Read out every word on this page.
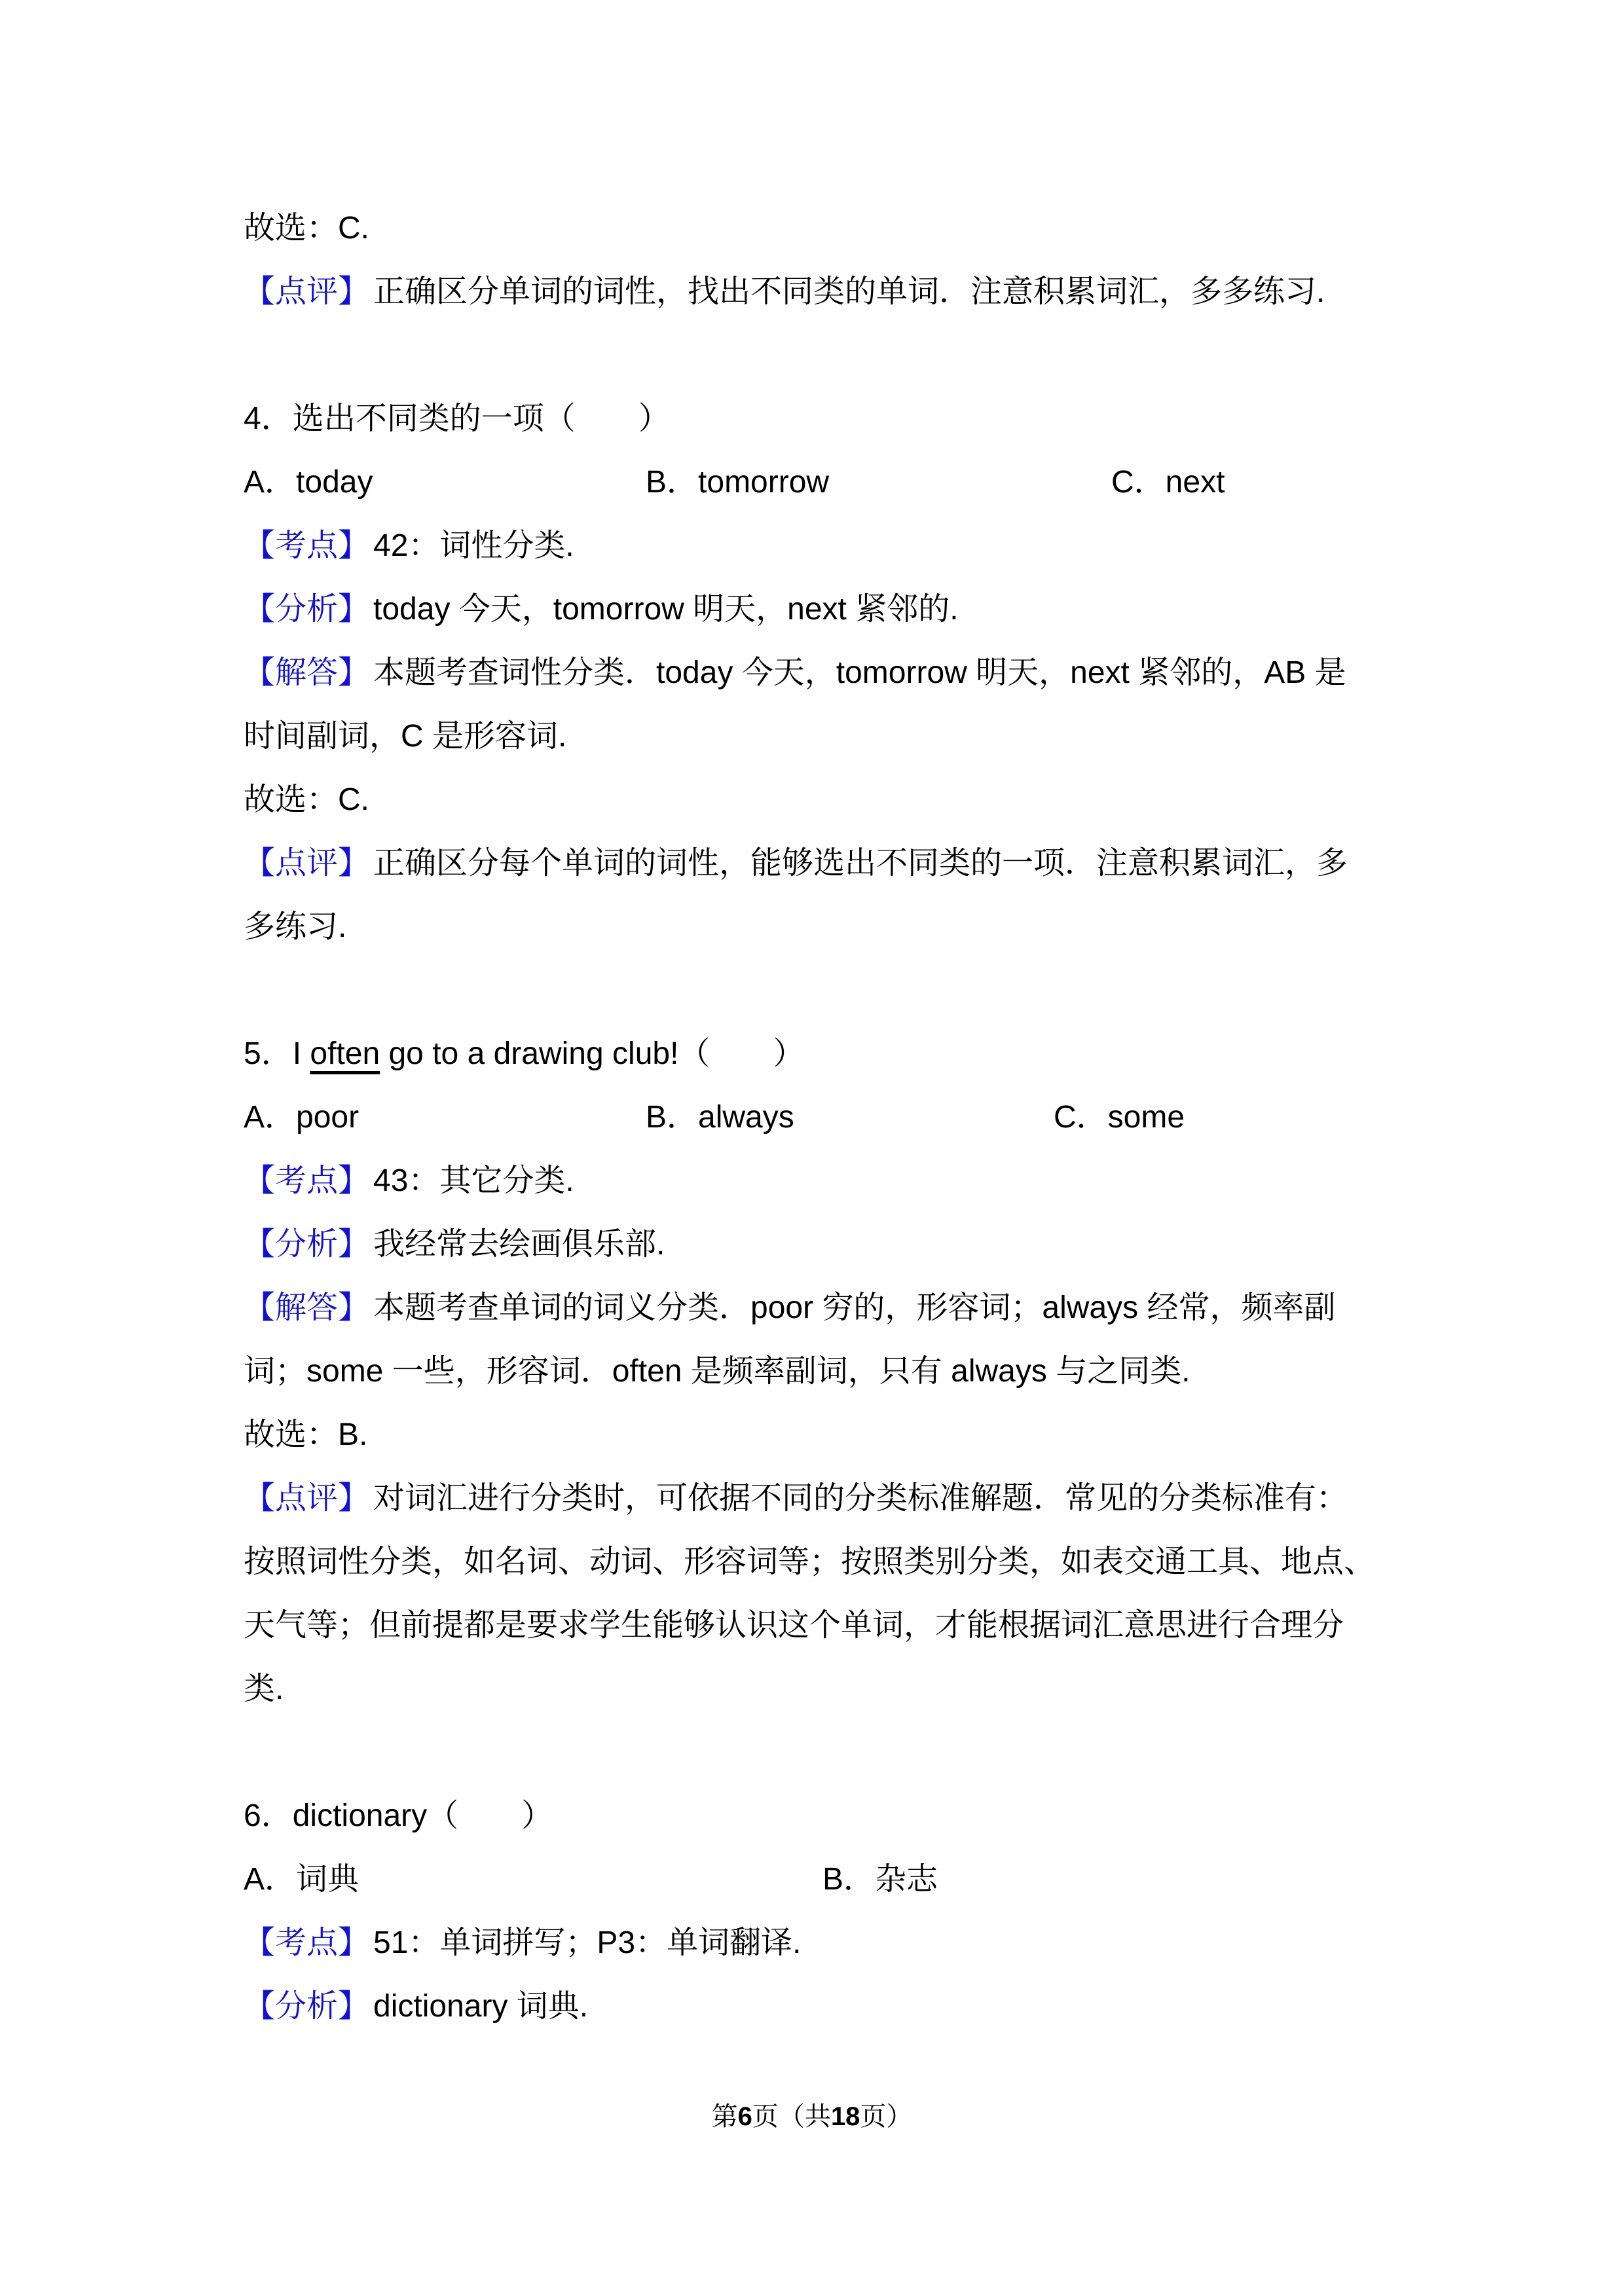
故选：C.
【点评】 正确区分单词的词性，找出不同类的单词．注意积累词汇，多多练习.
4．选出不同类的一项（　　）
A．today	B．tomorrow	C．next
【考点】 42：词性分类.
【分析】 today 今天，tomorrow 明天，next 紧邻的.
【解答】 本题考查词性分类．today 今天，tomorrow 明天，next 紧邻的，AB 是
时间副词，C 是形容词.
故选：C.
【点评】 正确区分每个单词的词性，能够选出不同类的一项．注意积累词汇，多
多练习.
5．I often go to a drawing club!（　　）
A．poor	B．always	C．some
【考点】 43：其它分类.
【分析】 我经常去绘画俱乐部.
【解答】 本题考查单词的词义分类．poor 穷的，形容词；always 经常，频率副
词；some 一些，形容词．often 是频率副词，只有 always 与之同类.
故选：B.
【点评】 对词汇进行分类时，可依据不同的分类标准解题．常见的分类标准有：
按照词性分类，如名词、动词、形容词等；按照类别分类，如表交通工具、地点、
天气等；但前提都是要求学生能够认识这个单词，才能根据词汇意思进行合理分
类.
6．dictionary（　　）
A．词典	B．杂志
【考点】 51：单词拼写；P3：单词翻译.
【分析】 dictionary 词典.
第6页（共18页）
